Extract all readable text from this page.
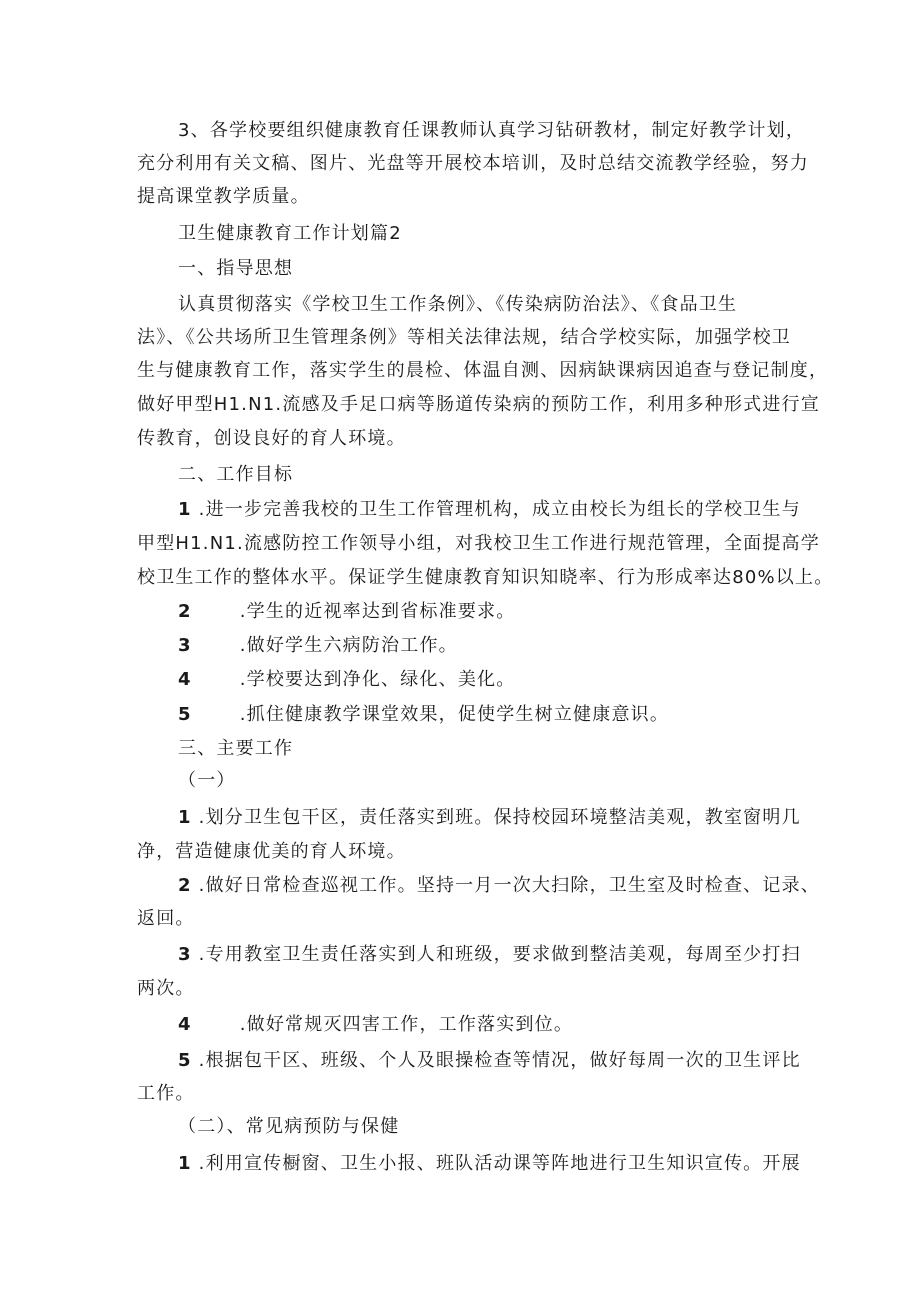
3、各学校要组织健康教育任课教师认真学习钻研教材，制定好教学计划，
充分利用有关文稿、图片、光盘等开展校本培训，及时总结交流教学经验，努力
提高课堂教学质量。
卫生健康教育工作计划篇2
一、指导思想
认真贯彻落实《学校卫生工作条例》、《传染病防治法》、《食品卫生
法》、《公共场所卫生管理条例》等相关法律法规，结合学校实际，加强学校卫
生与健康教育工作，落实学生的晨检、体温自测、因病缺课病因追查与登记制度，
做好甲型H1.N1.流感及手足口病等肠道传染病的预防工作，利用多种形式进行宣
传教育，创设良好的育人环境。
二、工作目标
1 .进一步完善我校的卫生工作管理机构，成立由校长为组长的学校卫生与
甲型H1.N1.流感防控工作领导小组，对我校卫生工作进行规范管理，全面提高学
校卫生工作的整体水平。保证学生健康教育知识知晓率、行为形成率达80%以上。
2	.学生的近视率达到省标准要求。
3	.做好学生六病防治工作。
4	.学校要达到净化、绿化、美化。
5	.抓住健康教学课堂效果，促使学生树立健康意识。
三、主要工作
（一）
1 .划分卫生包干区，责任落实到班。保持校园环境整洁美观，教室窗明几
净，营造健康优美的育人环境。
2 .做好日常检查巡视工作。坚持一月一次大扫除，卫生室及时检查、记录、
返回。
3 .专用教室卫生责任落实到人和班级，要求做到整洁美观，每周至少打扫
两次。
4	.做好常规灭四害工作，工作落实到位。
5 .根据包干区、班级、个人及眼操检查等情况，做好每周一次的卫生评比
工作。
（二）、常见病预防与保健
1 .利用宣传橱窗、卫生小报、班队活动课等阵地进行卫生知识宣传。开展
